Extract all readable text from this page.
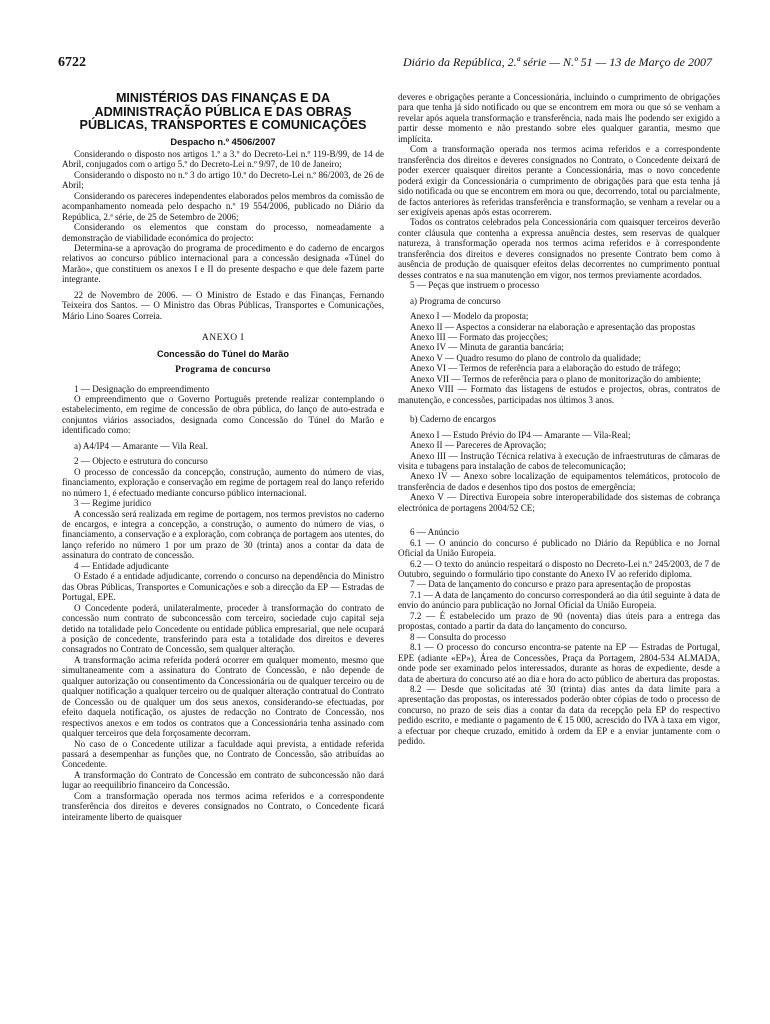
6722	Diário da República, 2.ª série — N.º 51 — 13 de Março de 2007
MINISTÉRIOS DAS FINANÇAS E DA ADMINISTRAÇÃO PÚBLICA E DAS OBRAS PÚBLICAS, TRANSPORTES E COMUNICAÇÕES
Despacho n.º 4506/2007

Considerando o disposto nos artigos 1.º a 3.º do Decreto-Lei n.º 119-B/99, de 14 de Abril, conjugados com o artigo 5.º do Decreto-Lei n.º 9/97, de 10 de Janeiro;

Considerando o disposto no n.º 3 do artigo 10.º do Decreto-Lei n.º 86/2003, de 26 de Abril;

Considerando os pareceres independentes elaborados pelos membros da comissão de acompanhamento nomeada pelo despacho n.º 19 554/2006, publicado no Diário da República, 2.ª série, de 25 de Setembro de 2006;

Considerando os elementos que constam do processo, nomeadamente a demonstração de viabilidade económica do projecto:

Determina-se a aprovação do programa de procedimento e do caderno de encargos relativos ao concurso público internacional para a concessão designada «Túnel do Marão», que constituem os anexos I e II do presente despacho e que dele fazem parte integrante.

22 de Novembro de 2006. — O Ministro de Estado e das Finanças, Fernando Teixeira dos Santos. — O Ministro das Obras Públicas, Transportes e Comunicações, Mário Lino Soares Correia.

ANEXO I
Concessão do Túnel do Marão
Programa de concurso

1 — Designação do empreendimento

O empreendimento que o Governo Português pretende realizar contemplando o estabelecimento, em regime de concessão de obra pública, do lanço de auto-estrada e conjuntos viários associados, designada como Concessão do Túnel do Marão e identificado como:

a) A4/IP4 — Amarante — Vila Real.

2 — Objecto e estrutura do concurso

O processo de concessão da concepção, construção, aumento do número de vias, financiamento, exploração e conservação em regime de portagem real do lanço referido no número 1, é efectuado mediante concurso público internacional.

3 — Regime jurídico

A concessão será realizada em regime de portagem, nos termos previstos no caderno de encargos, e integra a concepção, a construção, o aumento do número de vias, o financiamento, a conservação e a exploração, com cobrança de portagem aos utentes, do lanço referido no número 1 por um prazo de 30 (trinta) anos a contar da data de assinatura do contrato de concessão.

4 — Entidade adjudicante

O Estado é a entidade adjudicante, correndo o concurso na dependência do Ministro das Obras Públicas, Transportes e Comunicações e sob a direcção da EP — Estradas de Portugal, EPE.

O Concedente poderá, unilateralmente, proceder à transformação do contrato de concessão num contrato de subconcessão com terceiro, sociedade cujo capital seja detido na totalidade pelo Concedente ou entidade pública empresarial, que nele ocupará a posição de concedente, transferindo para esta a totalidade dos direitos e deveres consagrados no Contrato de Concessão, sem qualquer alteração.

A transformação acima referida poderá ocorrer em qualquer momento, mesmo que simultaneamente com a assinatura do Contrato de Concessão, e não depende de qualquer autorização ou consentimento da Concessionária ou de qualquer terceiro ou de qualquer notificação a qualquer terceiro ou de qualquer alteração contratual do Contrato de Concessão ou de qualquer um dos seus anexos, considerando-se efectuadas, por efeito daquela notificação, os ajustes de redacção no Contrato de Concessão, nos respectivos anexos e em todos os contratos que a Concessionária tenha assinado com qualquer terceiros que dela forçosamente decorram.

No caso de o Concedente utilizar a faculdade aqui prevista, a entidade referida passará a desempenhar as funções que, no Contrato de Concessão, são atribuídas ao Concedente.

A transformação do Contrato de Concessão em contrato de subconcessão não dará lugar ao reequilíbrio financeiro da Concessão.

Com a transformação operada nos termos acima referidos e a correspondente transferência dos direitos e deveres consignados no Contrato, o Concedente ficará inteiramente liberto de quaisquer

deveres e obrigações perante a Concessionária, incluindo o cumprimento de obrigações para que tenha já sido notificado ou que se encontrem em mora ou que só se venham a revelar após aquela transformação e transferência, nada mais lhe podendo ser exigido a partir desse momento e não prestando sobre eles qualquer garantia, mesmo que implícita.

Com a transformação operada nos termos acima referidos e a correspondente transferência dos direitos e deveres consignados no Contrato, o Concedente deixará de poder exercer quaisquer direitos perante a Concessionária, mas o novo concedente poderá exigir da Concessionária o cumprimento de obrigações para que esta tenha já sido notificada ou que se encontrem em mora ou que, decorrendo, total ou parcialmente, de factos anteriores às referidas transferência e transformação, se venham a revelar ou a ser exigíveis apenas após estas ocorrerem.

Todos os contratos celebrados pela Concessionária com quaisquer terceiros deverão conter cláusula que contenha a expressa anuência destes, sem reservas de qualquer natureza, à transformação operada nos termos acima referidos e à correspondente transferência dos direitos e deveres consignados no presente Contrato bem como à ausência de produção de quaisquer efeitos delas decorrentes no cumprimento pontual desses contratos e na sua manutenção em vigor, nos termos previamente acordados.

5 — Peças que instruem o processo

a) Programa de concurso

Anexo I — Modelo da proposta;

Anexo II — Aspectos a considerar na elaboração e apresentação das propostas

Anexo III — Formato das projecções;

Anexo IV — Minuta de garantia bancária;

Anexo V — Quadro resumo do plano de controlo da qualidade;

Anexo VI — Termos de referência para a elaboração do estudo de tráfego;

Anexo VII — Termos de referência para o plano de monitorização do ambiente;

Anexo VIII — Formato das listagens de estudos e projectos, obras, contratos de manutenção, e concessões, participadas nos últimos 3 anos.

b) Caderno de encargos

Anexo I — Estudo Prévio do IP4 — Amarante — Vila-Real;

Anexo II — Pareceres de Aprovação;

Anexo III — Instrução Técnica relativa à execução de infraestruturas de câmaras de visita e tubagens para instalação de cabos de telecomunicação;

Anexo IV — Anexo sobre localização de equipamentos telemáticos, protocolo de transferência de dados e desenhos tipo dos postos de emergência;

Anexo V — Directiva Europeia sobre interoperabilidade dos sistemas de cobrança electrónica de portagens 2004/52 CE;

6 — Anúncio

6.1 — O anúncio do concurso é publicado no Diário da República e no Jornal Oficial da União Europeia.

6.2 — O texto do anúncio respeitará o disposto no Decreto-Lei n.º 245/2003, de 7 de Outubro, seguindo o formulário tipo constante do Anexo IV ao referido diploma.

7 — Data de lançamento do concurso e prazo para apresentação de propostas

7.1 — A data de lançamento do concurso corresponderá ao dia útil seguinte à data de envio do anúncio para publicação no Jornal Oficial da União Europeia.

7.2 — É estabelecido um prazo de 90 (noventa) dias úteis para a entrega das propostas, contado a partir da data do lançamento do concurso.

8 — Consulta do processo

8.1 — O processo do concurso encontra-se patente na EP — Estradas de Portugal, EPE (adiante «EP»), Área de Concessões, Praça da Portagem, 2804-534 ALMADA, onde pode ser examinado pelos interessados, durante as horas de expediente, desde a data de abertura do concurso até ao dia e hora do acto público de abertura das propostas.

8.2 — Desde que solicitadas até 30 (trinta) dias antes da data limite para a apresentação das propostas, os interessados poderão obter cópias de todo o processo de concurso, no prazo de seis dias a contar da data da recepção pela EP do respectivo pedido escrito, e mediante o pagamento de € 15 000, acrescido do IVA à taxa em vigor, a efectuar por cheque cruzado, emitido à ordem da EP e a enviar juntamente com o pedido.
